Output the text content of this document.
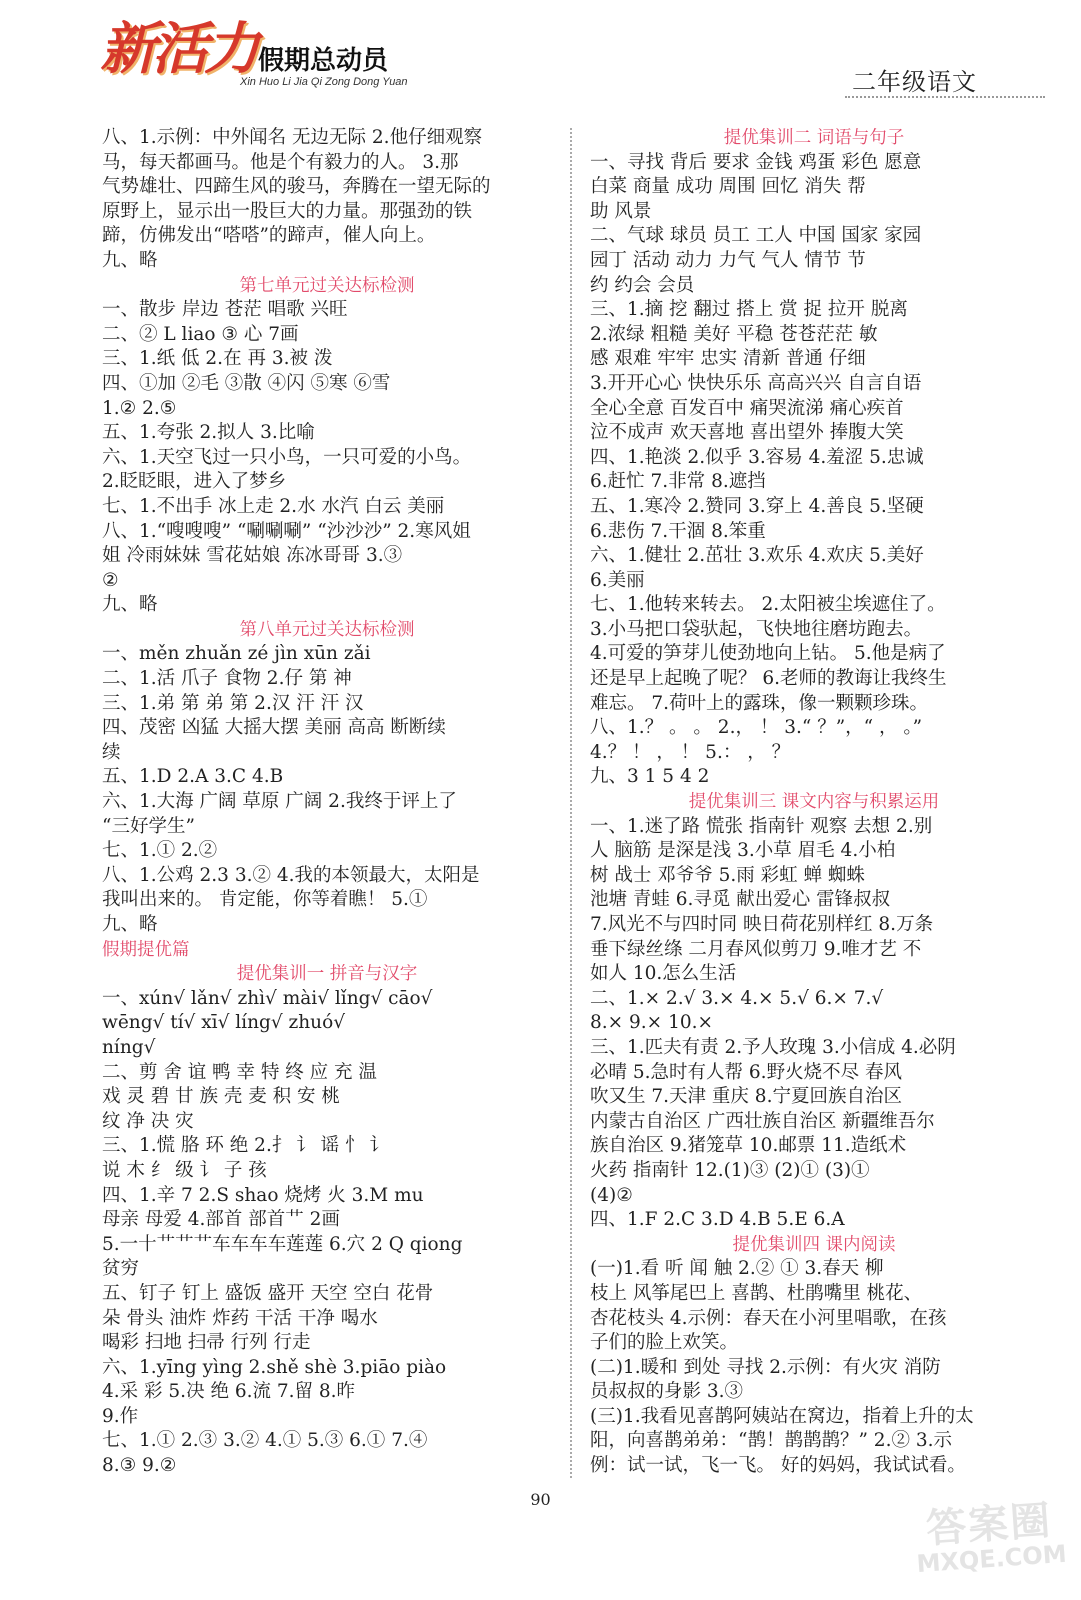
新活力 假期总动员
Xin Huo Li Jia Qi Zong Dong Yuan	二年级语文
八、1.示例：中外闻名 无边无际 2.他仔细观察
马，每天都画马。他是个有毅力的人。 3.那
气势雄壮、四蹄生风的骏马，奔腾在一望无际的
原野上，显示出一股巨大的力量。那强劲的铁
蹄，仿佛发出“嗒嗒”的蹄声，催人向上。
九、略
第七单元过关达标检测
一、散步 岸边 苍茫 唱歌 兴旺
二、② L liao ③ 心 7画
三、1.纸 低 2.在 再 3.被 泼
四、①加 ②毛 ③散 ④闪 ⑤寒 ⑥雪
1.② 2.⑤
五、1.夸张 2.拟人 3.比喻
六、1.天空飞过一只小鸟，一只可爱的小鸟。
2.眨眨眼，进入了梦乡
七、1.不出手 冰上走 2.水 水汽 白云 美丽
八、1.“嗖嗖嗖” “唰唰唰” “沙沙沙” 2.寒风姐
姐 冷雨妹妹 雪花姑娘 冻冰哥哥 3.③
②
九、略
第八单元过关达标检测
一、měn zhuǎn zé jìn xūn zǎi
二、1.活 爪子 食物 2.仔 第 神
三、1.弟 第 弟 第 2.汉 汗 汗 汉
四、茂密 凶猛 大摇大摆 美丽 高高 断断续
续
五、1.D 2.A 3.C 4.B
六、1.大海 广阔 草原 广阔 2.我终于评上了
“三好学生”
七、1.① 2.②
八、1.公鸡 2.3 3.② 4.我的本领最大，太阳是
我叫出来的。 肯定能，你等着瞧！ 5.①
九、略
假期提优篇
提优集训一 拼音与汉字
一、xún√ lǎn√ zhì√ mài√ lǐng√ cāo√
wēng√ tí√ xī√ líng√ zhuó√
níng√
二、剪 舍 谊 鸭 幸 特 终 应 充 温
戏 灵 碧 甘 族 壳 麦 积 安 桃
纹 净 决 灾
三、1.慌 胳 环 绝 2.扌 讠 谣 忄 讠
说 木 纟 级 讠 子 孩
四、1.辛 7 2.S shao 烧烤 火 3.M mu
母亲 母爱 4.部首 部首艹 2画
5.一十艹艹艹车车车车莲莲 6.穴 2 Q qiong
贫穷
五、钉子 钉上 盛饭 盛开 天空 空白 花骨
朵 骨头 油炸 炸药 干活 干净 喝水
喝彩 扫地 扫帚 行列 行走
六、1.yīng yìng 2.shě shè 3.piāo piào
4.采 彩 5.决 绝 6.流 7.留 8.昨
9.作
七、1.① 2.③ 3.② 4.① 5.③ 6.① 7.④
8.③ 9.②
提优集训二 词语与句子
一、寻找 背后 要求 金钱 鸡蛋 彩色 愿意
白菜 商量 成功 周围 回忆 消失 帮
助 风景
二、气球 球员 员工 工人 中国 国家 家园
园丁 活动 动力 力气 气人 情节 节
约 约会 会员
三、1.摘 挖 翻过 搭上 赏 捉 拉开 脱离
2.浓绿 粗糙 美好 平稳 苍苍茫茫 敏
感 艰难 牢牢 忠实 清新 普通 仔细
3.开开心心 快快乐乐 高高兴兴 自言自语
全心全意 百发百中 痛哭流涕 痛心疾首
泣不成声 欢天喜地 喜出望外 捧腹大笑
四、1.艳淡 2.似乎 3.容易 4.羞涩 5.忠诚
6.赶忙 7.非常 8.遮挡
五、1.寒冷 2.赞同 3.穿上 4.善良 5.坚硬
6.悲伤 7.干涸 8.笨重
六、1.健壮 2.茁壮 3.欢乐 4.欢庆 5.美好
6.美丽
七、1.他转来转去。 2.太阳被尘埃遮住了。
3.小马把口袋驮起，飞快地往磨坊跑去。
4.可爱的笋芽儿使劲地向上钻。 5.他是病了
还是早上起晚了呢？ 6.老师的教诲让我终生
难忘。 7.荷叶上的露珠，像一颗颗珍珠。
八、1.？ 。 。 2.， ！ 3.“ ？”，“ ， 。”
4.？ ！ ， ！ 5.： ， ？
九、3 1 5 4 2
提优集训三 课文内容与积累运用
一、1.迷了路 慌张 指南针 观察 去想 2.别
人 脑筋 是深是浅 3.小草 眉毛 4.小柏
树 战士 邓爷爷 5.雨 彩虹 蝉 蜘蛛
池塘 青蛙 6.寻觅 献出爱心 雷锋叔叔
7.风光不与四时同 映日荷花别样红 8.万条
垂下绿丝绦 二月春风似剪刀 9.唯才艺 不
如人 10.怎么生活
二、1.× 2.√ 3.× 4.× 5.√ 6.× 7.√
8.× 9.× 10.×
三、1.匹夫有责 2.予人玫瑰 3.小信成 4.必阴
必晴 5.急时有人帮 6.野火烧不尽 春风
吹又生 7.天津 重庆 8.宁夏回族自治区
内蒙古自治区 广西壮族自治区 新疆维吾尔
族自治区 9.猪笼草 10.邮票 11.造纸术
火药 指南针 12.(1)③ (2)① (3)①
(4)②
四、1.F 2.C 3.D 4.B 5.E 6.A
提优集训四 课内阅读
(一)1.看 听 闻 触 2.② ① 3.春天 柳
枝上 风筝尾巴上 喜鹊、杜鹃嘴里 桃花、
杏花枝头 4.示例：春天在小河里唱歌，在孩
子们的脸上欢笑。
(二)1.暖和 到处 寻找 2.示例：有火灾 消防
员叔叔的身影 3.③
(三)1.我看见喜鹊阿姨站在窝边，指着上升的太
阳，向喜鹊弟弟：“鹊！鹊鹊鹊？” 2.② 3.示
例：试一试，飞一飞。 好的妈妈，我试试看。
90	答案圈
MXQE.COM
